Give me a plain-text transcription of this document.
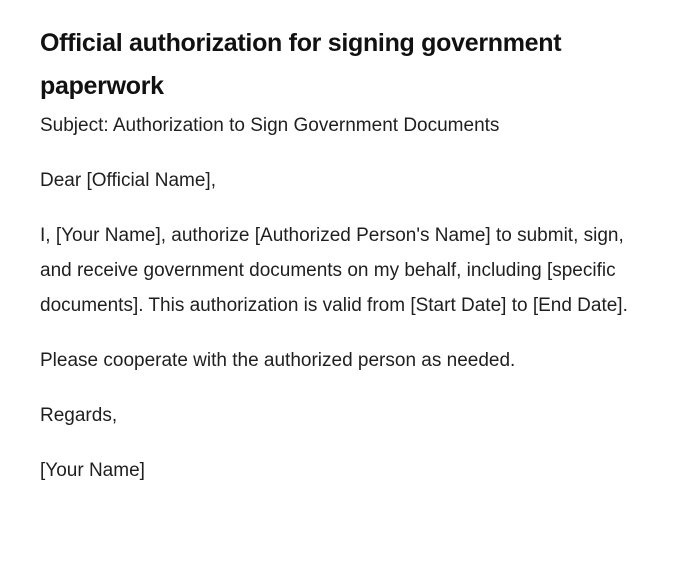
Official authorization for signing government paperwork

Subject: Authorization to Sign Government Documents

Dear [Official Name],

I, [Your Name], authorize [Authorized Person's Name] to submit, sign, and receive government documents on my behalf, including [specific documents]. This authorization is valid from [Start Date] to [End Date].

Please cooperate with the authorized person as needed.

Regards,

[Your Name]
